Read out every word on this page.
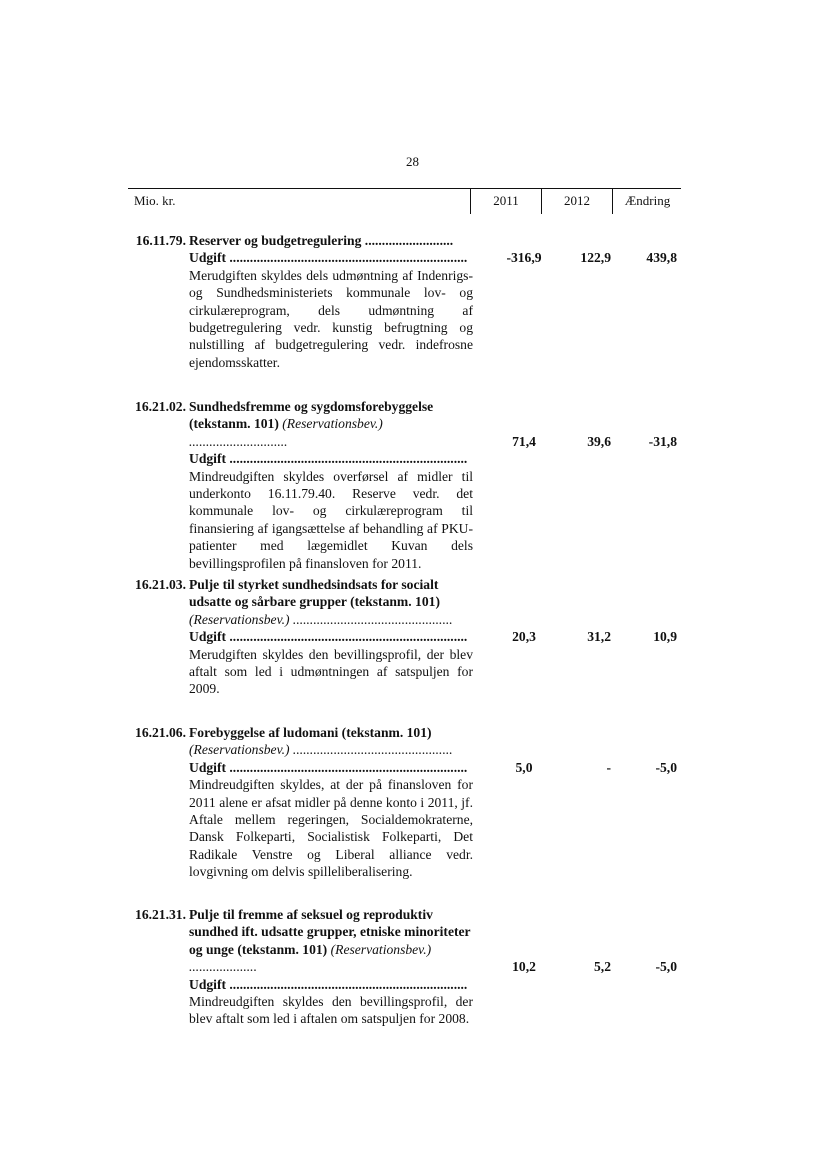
28
Mio. kr.	2011	2012	Ændring
16.11.79. Reserver og budgetregulering ..........................
Udgift ......................................................................
Merudgiften skyldes dels udmøntning af Indenrigs- og Sundhedsministeriets kommunale lov- og cirkulæreprogram, dels udmøntning af budgetregulering vedr. kunstig befrugtning og nulstilling af budgetregulering vedr. indefrosne ejendomsskatter.
-316,9	122,9	439,8
16.21.02. Sundhedsfremme og sygdomsforebyggelse (tekstanm. 101) (Reservationsbev.) .............................
Udgift ......................................................................
Mindreudgiften skyldes overførsel af midler til underkonto 16.11.79.40. Reserve vedr. det kommunale lov- og cirkulæreprogram til finansiering af igangsættelse af behandling af PKU-patienter med lægemidlet Kuvan dels bevillingsprofilen på finansloven for 2011.
71,4	39,6	-31,8
16.21.03. Pulje til styrket sundhedsindsats for socialt udsatte og sårbare grupper (tekstanm. 101)
(Reservationsbev.) ...............................................
Udgift ......................................................................
Merudgiften skyldes den bevillingsprofil, der blev aftalt som led i udmøntningen af satspuljen for 2009.
20,3	31,2	10,9
16.21.06. Forebyggelse af ludomani (tekstanm. 101)
(Reservationsbev.) ...............................................
Udgift ......................................................................
Mindreudgiften skyldes, at der på finansloven for 2011 alene er afsat midler på denne konto i 2011, jf. Aftale mellem regeringen, Socialdemokraterne, Dansk Folkeparti, Socialistisk Folkeparti, Det Radikale Venstre og Liberal alliance vedr. lovgivning om delvis spilleliberalisering.
5,0	-	-5,0
16.21.31. Pulje til fremme af seksuel og reproduktiv sundhed ift. udsatte grupper, etniske minoriteter og unge (tekstanm. 101) (Reservationsbev.) ....................
Udgift ......................................................................
Mindreudgiften skyldes den bevillingsprofil, der blev aftalt som led i aftalen om satspuljen for 2008.
10,2	5,2	-5,0
